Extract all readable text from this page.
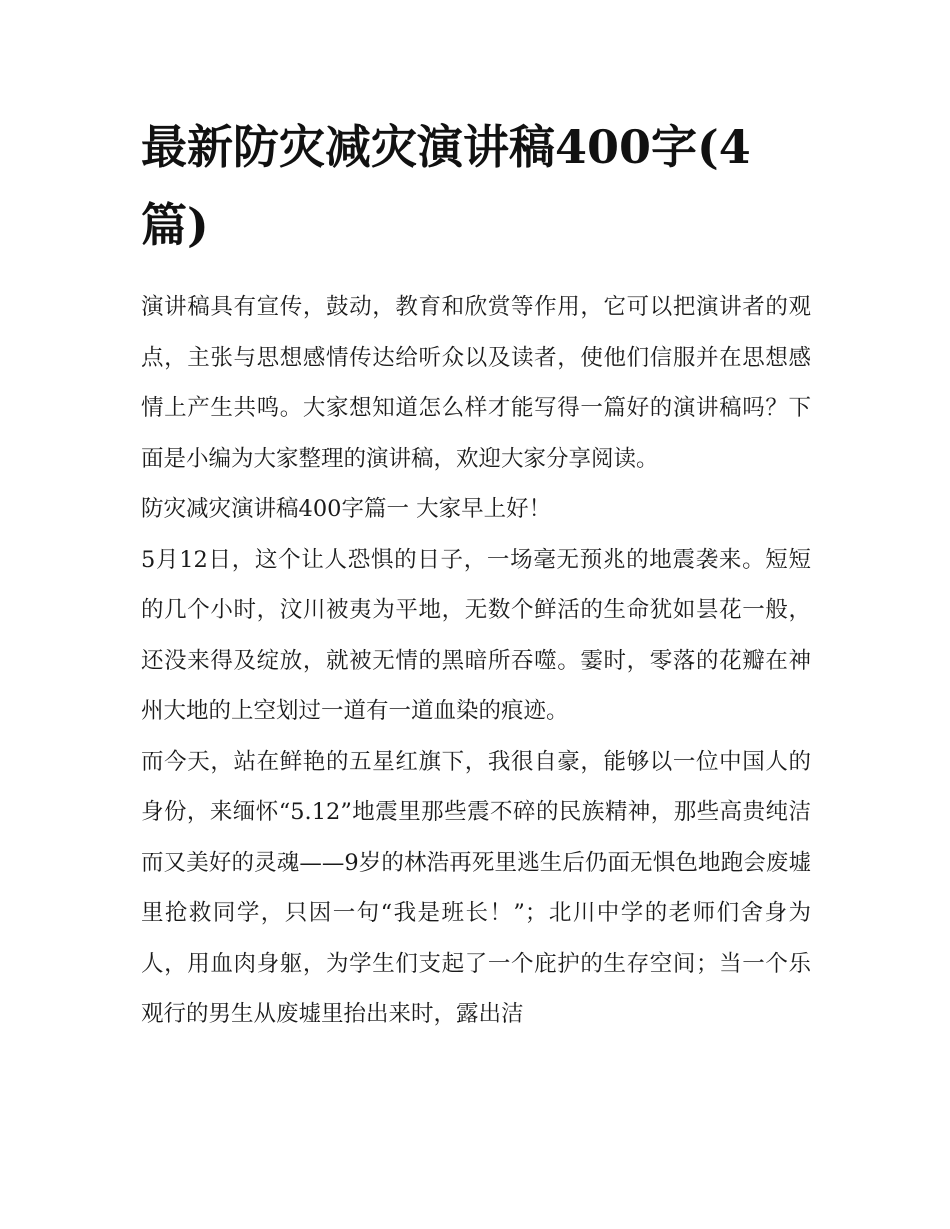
最新防灾减灾演讲稿400字(4篇)

演讲稿具有宣传，鼓动，教育和欣赏等作用，它可以把演讲者的观点，主张与思想感情传达给听众以及读者，使他们信服并在思想感情上产生共鸣。大家想知道怎么样才能写得一篇好的演讲稿吗？下面是小编为大家整理的演讲稿，欢迎大家分享阅读。

防灾减灾演讲稿400字篇一 大家早上好！

5月12日，这个让人恐惧的日子，一场毫无预兆的地震袭来。短短的几个小时，汶川被夷为平地，无数个鲜活的生命犹如昙花一般，还没来得及绽放，就被无情的黑暗所吞噬。霎时，零落的花瓣在神州大地的上空划过一道有一道血染的痕迹。

而今天，站在鲜艳的五星红旗下，我很自豪，能够以一位中国人的身份，来缅怀“5.12”地震里那些震不碎的民族精神，那些高贵纯洁而又美好的灵魂——9岁的林浩再死里逃生后仍面无惧色地跑会废墟里抢救同学，只因一句“我是班长！”；北川中学的老师们舍身为人，用血肉身躯，为学生们支起了一个庇护的生存空间；当一个乐观行的男生从废墟里抬出来时，露出洁
